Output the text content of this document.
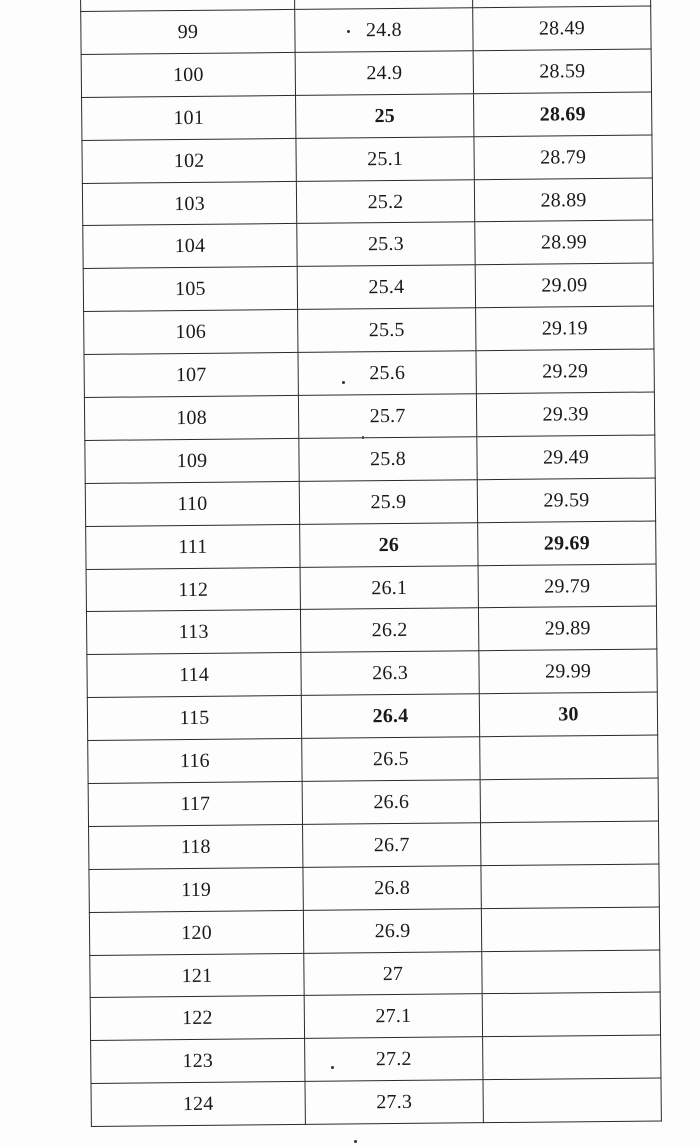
99	24.8	28.49
100	24.9	28.59
101	25	28.69
102	25.1	28.79
103	25.2	28.89
104	25.3	28.99
105	25.4	29.09
106	25.5	29.19
107	25.6	29.29
108	25.7	29.39
109	25.8	29.49
110	25.9	29.59
111	26	29.69
112	26.1	29.79
113	26.2	29.89
114	26.3	29.99
115	26.4	30
116	26.5	
117	26.6	
118	26.7	
119	26.8	
120	26.9	
121	27	
122	27.1	
123	27.2	
124	27.3	
